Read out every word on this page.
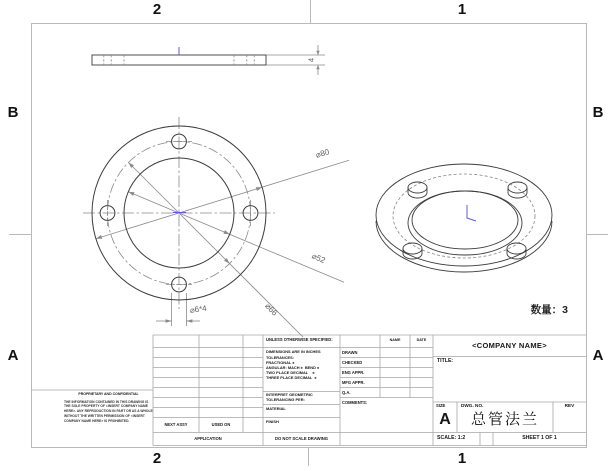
2	1
2	1
B
A
B
A
4
⌀80
⌀52
⌀66
⌀6*4	数量：3
PROPRIETARY AND CONFIDENTIAL
THE INFORMATION CONTAINED IN THIS DRAWING IS THE SOLE PROPERTY OF <INSERT COMPANY NAME HERE>. ANY REPRODUCTION IN PART OR AS A WHOLE WITHOUT THE WRITTEN PERMISSION OF <INSERT COMPANY NAME HERE> IS PROHIBITED.
UNLESS OTHERWISE SPECIFIED:
DIMENSIONS ARE IN INCHES
TOLERANCES:
FRACTIONAL ±
ANGULAR: MACH ±  BEND ±
TWO PLACE DECIMAL    ±
THREE PLACE DECIMAL  ±
INTERPRET GEOMETRIC
TOLERANCING PER:
MATERIAL
FINISH
DO NOT SCALE DRAWING
NEXT ASSY	USED ON
APPLICATION
DRAWN
CHECKED
ENG APPR.
MFG APPR.
Q.A.
COMMENTS:
NAME	DATE
<COMPANY NAME>
TITLE:
SIZE
A
DWG. NO.
总管法兰
REV
SCALE: 1:2	SHEET 1 OF 1
